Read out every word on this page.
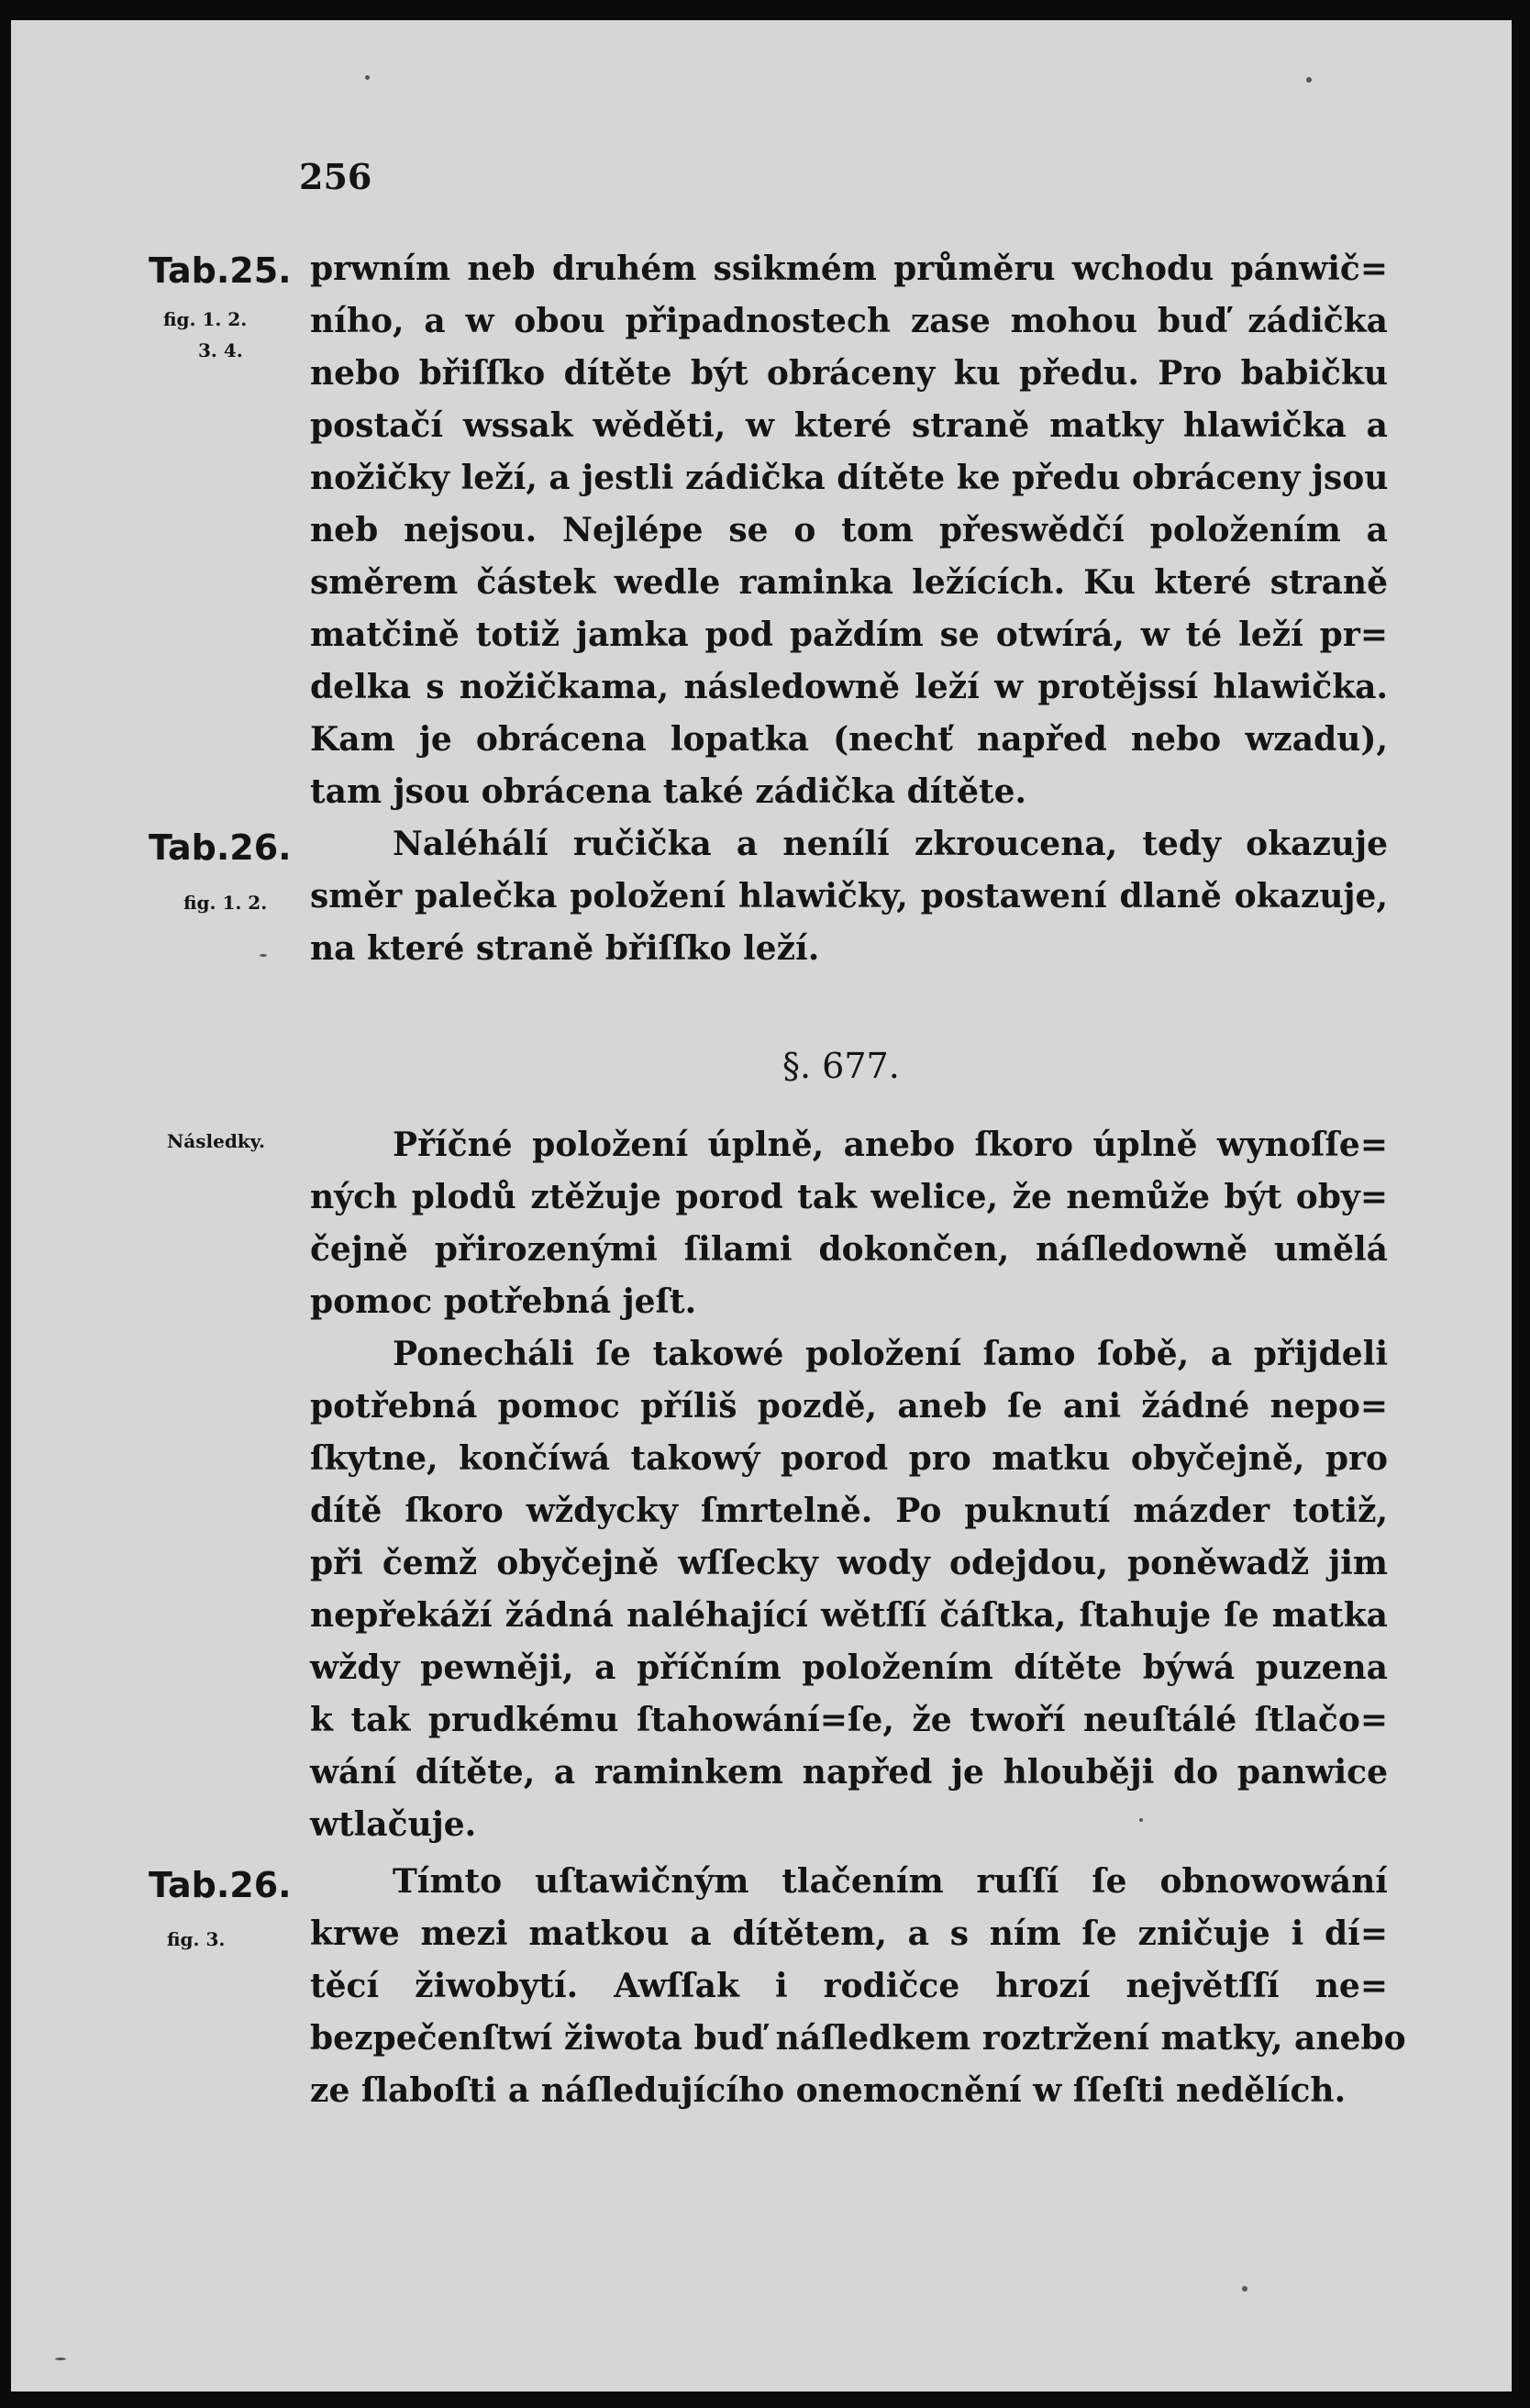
256
Tab.25.
fig. 1. 2.
3. 4.
Tab.26.
fig. 1. 2.
Následky.
Tab.26.
fig. 3.
§. 677.
prwním neb druhém ssikmém průměru wchodu pánwič=
ního, a w obou připadnostech zase mohou buď zádička
nebo břiſſko dítěte být obráceny ku předu. Pro babičku
postačí wssak wěděti, w které straně matky hlawička a
nožičky leží, a jestli zádička dítěte ke předu obráceny jsou
neb nejsou. Nejlépe se o tom přeswědčí položením a
směrem částek wedle raminka ležících. Ku které straně
matčině totiž jamka pod paždím se otwírá, w té leží pr=
delka s nožičkama, následowně leží w protějssí hlawička.
Kam je obrácena lopatka (nechť napřed nebo wzadu),
tam jsou obrácena také zádička dítěte.
Naléhálí ručička a nenílí zkroucena, tedy okazuje
směr palečka položení hlawičky, postawení dlaně okazuje,
na které straně břiſſko leží.
Příčné položení úplně, anebo ſkoro úplně wynoſſe=
ných plodů ztěžuje porod tak welice, že nemůže být oby=
čejně přirozenými ſilami dokončen, náſledowně umělá
pomoc potřebná jeſt.
Ponecháli ſe takowé položení ſamo ſobě, a přijdeli
potřebná pomoc příliš pozdě, aneb ſe ani žádné nepo=
ſkytne, končíwá takowý porod pro matku obyčejně, pro
dítě ſkoro wždycky ſmrtelně. Po puknutí mázder totiž,
při čemž obyčejně wſſecky wody odejdou, poněwadž jim
nepřekáží žádná naléhající wětſſí čáſtka, ſtahuje ſe matka
wždy pewněji, a příčním položením dítěte býwá puzena
k tak prudkému ſtahowání=ſe, že twoří neuſtálé ſtlačo=
wání dítěte, a raminkem napřed je hlouběji do panwice
wtlačuje.
Tímto uſtawičným tlačením ruſſí ſe obnowowání
krwe mezi matkou a dítětem, a s ním ſe zničuje i dí=
těcí žiwobytí. Awſſak i rodičce hrozí největſſí ne=
bezpečenſtwí žiwota buď náſledkem roztržení matky, anebo
ze ſlaboſti a náſledujícího onemocnění w ſſeſti nedělích.
